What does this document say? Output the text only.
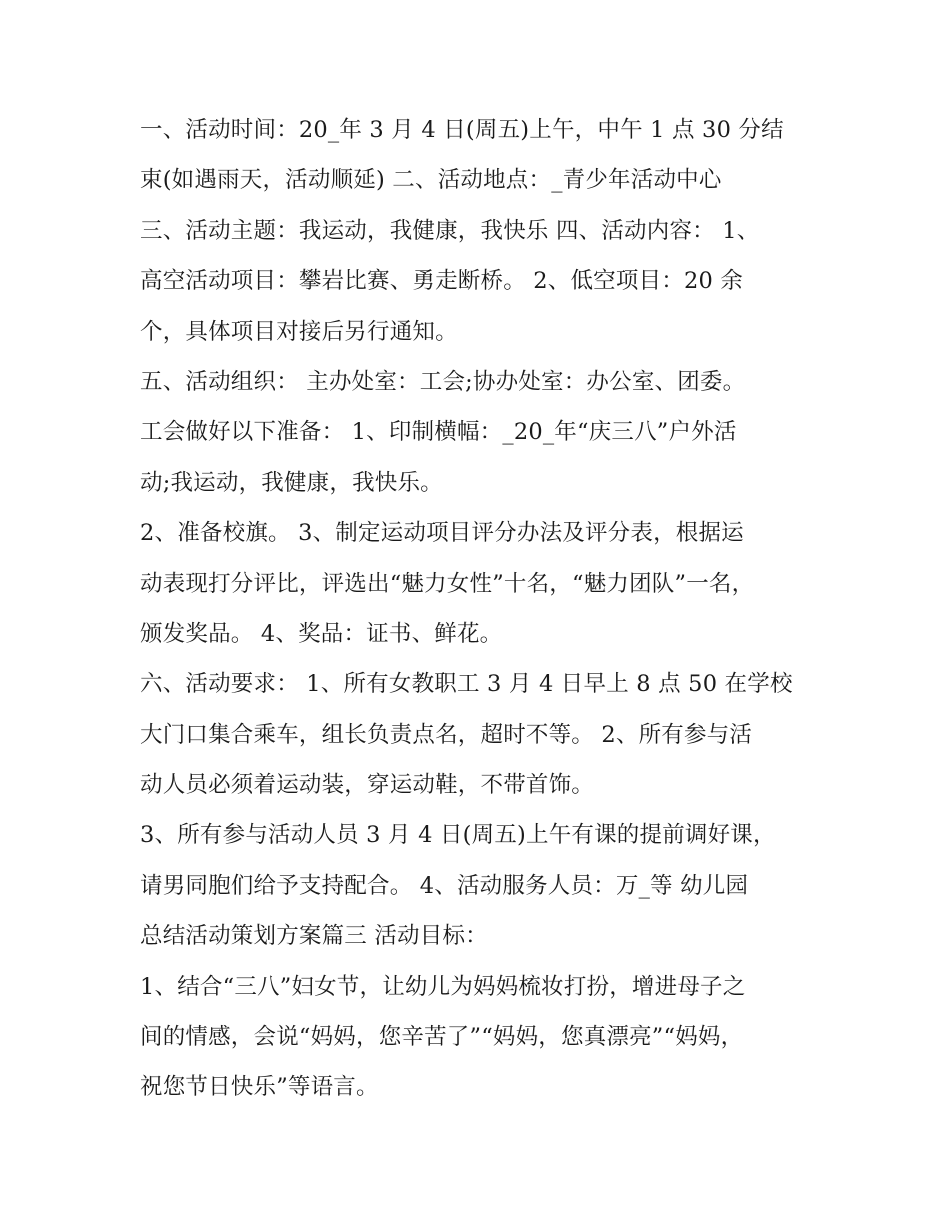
一、活动时间：20_年 3 月 4 日(周五)上午，中午 1 点 30 分结
束(如遇雨天，活动顺延) 二、活动地点：_青少年活动中心
三、活动主题：我运动，我健康，我快乐 四、活动内容： 1、
高空活动项目：攀岩比赛、勇走断桥。 2、低空项目：20 余
个，具体项目对接后另行通知。
五、活动组织： 主办处室：工会;协办处室：办公室、团委。
工会做好以下准备： 1、印制横幅：_20_年“庆三八”户外活
动;我运动，我健康，我快乐。
2、准备校旗。 3、制定运动项目评分办法及评分表，根据运
动表现打分评比，评选出“魅力女性”十名，“魅力团队”一名，
颁发奖品。 4、奖品：证书、鲜花。
六、活动要求： 1、所有女教职工 3 月 4 日早上 8 点 50 在学校
大门口集合乘车，组长负责点名，超时不等。 2、所有参与活
动人员必须着运动装，穿运动鞋，不带首饰。
3、所有参与活动人员 3 月 4 日(周五)上午有课的提前调好课，
请男同胞们给予支持配合。 4、活动服务人员：万_等 幼儿园
总结活动策划方案篇三 活动目标：
1、结合“三八”妇女节，让幼儿为妈妈梳妆打扮，增进母子之
间的情感，会说“妈妈，您辛苦了”“妈妈，您真漂亮”“妈妈，
祝您节日快乐”等语言。
